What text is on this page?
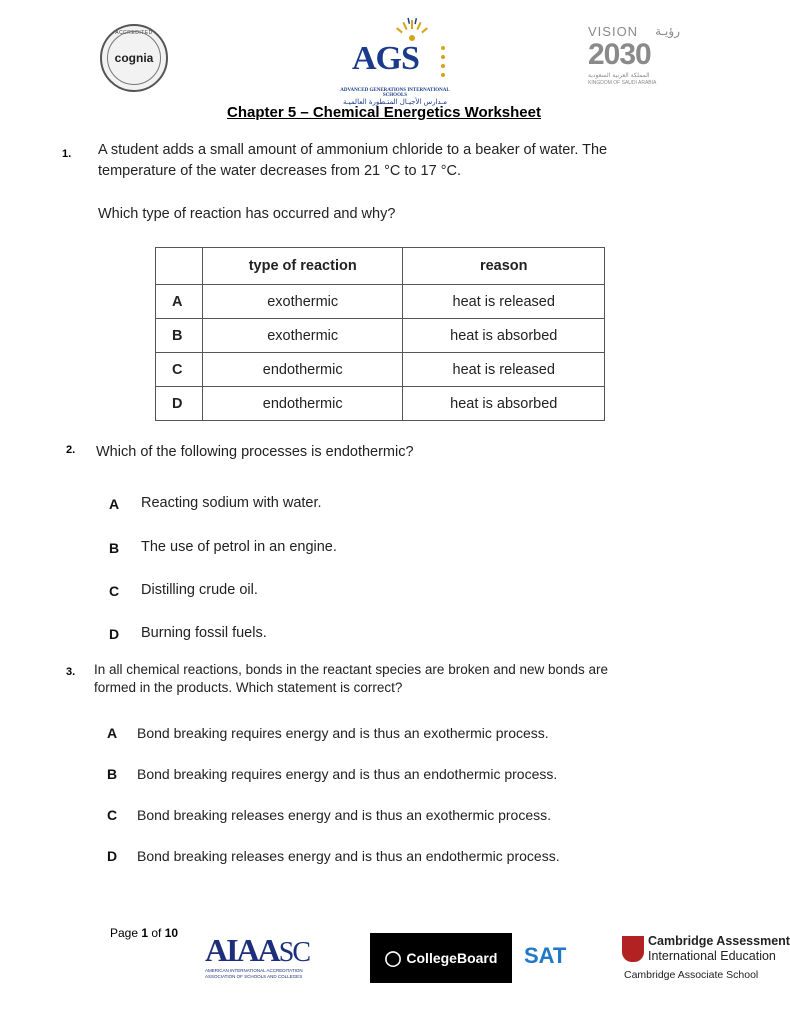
ACCREDITED
cognia	AGS
ADVANCED GENERATIONS INTERNATIONAL SCHOOLS
مـدارس الأجيـال المتـطورة العالميـة
VISION رؤيـة
2030
المملكة العربية السعودية
KINGDOM OF SAUDI ARABIA
Chapter 5 – Chemical Energetics Worksheet
1. A student adds a small amount of ammonium chloride to a beaker of water. The temperature of the water decreases from 21 °C to 17 °C.
Which type of reaction has occurred and why?
	type of reaction	reason
A	exothermic	heat is released
B	exothermic	heat is absorbed
C	endothermic	heat is released
D	endothermic	heat is absorbed
2. Which of the following processes is endothermic?
A Reacting sodium with water.
B The use of petrol in an engine.
C Distilling crude oil.
D Burning fossil fuels.
3. In all chemical reactions, bonds in the reactant species are broken and new bonds are
formed in the products. Which statement is correct?
A Bond breaking requires energy and is thus an exothermic process.
B Bond breaking requires energy and is thus an endothermic process.
C Bond breaking releases energy and is thus an exothermic process.
D Bond breaking releases energy and is thus an endothermic process.
Page 1 of 10 AIAASC
AMERICAN INTERNATIONAL ACCREDITATION ASSOCIATION OF SCHOOLS AND COLLEGES
◯ CollegeBoard SAT
Cambridge Assessment
International Education
Cambridge Associate School
